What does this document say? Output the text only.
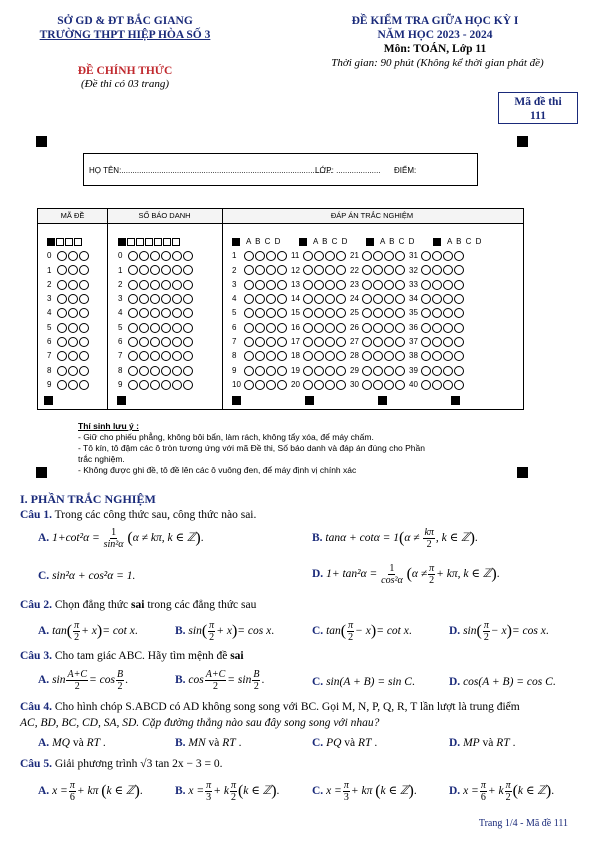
SỞ GD & ĐT BẮC GIANG
TRƯỜNG THPT HIỆP HÒA SỐ 3
ĐỀ CHÍNH THỨC
(Đề thi có 03 trang)
ĐỀ KIỂM TRA GIỮA HỌC KỲ I
NĂM HỌC 2023 - 2024
Môn: TOÁN, Lớp 11
Thời gian: 90 phút (Không kể thời gian phát đề)
Mã đề thi
111
HỌ TÊN:...............................................................................................
LỚP: .................... ĐIỂM:
MÃ ĐỀ	SỐ BÁO DANH	ĐÁP ÁN TRẮC NGHIỆM
0
1
2
3
4
5
6
7
8
9
0
1
2
3
4
5
6
7
8
9
A B C D	A B C D	A B C D	A B C D
1	11	21	31
2	12	22	32
3	13	23	33
4	14	24	34
5	15	25	35
6	16	26	36
7	17	27	37
8	18	28	38
9	19	29	39
10	20	30	40
Thí sinh lưu ý :
- Giữ cho phiếu phẳng, không bôi bẩn, làm rách, không tẩy xóa, để máy chấm.
- Tô kín, tô đậm các ô tròn tương ứng với mã Đề thi, Số báo danh và đáp án đúng cho Phần
trắc nghiệm.
- Không được ghi đề, tô đề lên các ô vuông đen, để máy định vị chính xác
I. PHẦN TRẮC NGHIỆM
Câu 1. Trong các công thức sau, công thức nào sai.
A. $1+\cot^2\alpha = \frac{1}{\text{sin²α}} (\alpha \ne k\pi$, k ∈ ℤ).	B. $\tan\alpha + \cot\alpha = 1(\alpha \ne \frac{k\pi}{2}$ , k ∈ ℤ).
C. sin²α + cos²α = 1.	D. $1+ \tan^2\alpha = \frac{1}{\text{cos²α}} (\alpha \ne \frac{\pi}{2} + k\pi$, k ∈ ℤ).
Câu 2. Chọn đẳng thức sai trong các đẳng thức sau
A. $\tan( \frac{\pi}{2} + x)= \cot x$.	B. $\sin( \frac{\pi}{2} + x)= \cos x$.	C. $\tan( \frac{\pi}{2} - x)= \cot x$.	D. $\sin( \frac{\pi}{2} - x)= \cos x$.
Câu 3. Cho tam giác ABC. Hãy tìm mệnh đề sai
A. $\sin \frac{A+C}{2} = \cos \frac{B}{2}$ .	B. $\cos \frac{A+C}{2} = \sin \frac{B}{2}$ .	C. sin(A + B) = sin C.	D. cos(A + B) = cos C.
Câu 4. Cho hình chóp S.ABCD có AD không song song với BC. Gọi M, N, P, Q, R, T lần lượt là trung điểm
AC, BD, BC, CD, SA, SD. Cặp đường thẳng nào sau đây song song với nhau?
A. MQ và RT .	B. MN và RT .	C. PQ và RT .	D. MP và RT .
Câu 5. Giải phương trình √3 tan 2x − 3 = 0.
A. $x = \frac{\pi}{6} + k\pi$ (k ∈ ℤ).	B. $x = \frac{\pi}{3} + k \frac{\pi}{2} (k$ ∈ ℤ).	C. $x = \frac{\pi}{3} + k\pi$ (k ∈ ℤ).	D. $x = \frac{\pi}{6} + k \frac{\pi}{2} (k$ ∈ ℤ).
Trang 1/4 - Mã đề 111
